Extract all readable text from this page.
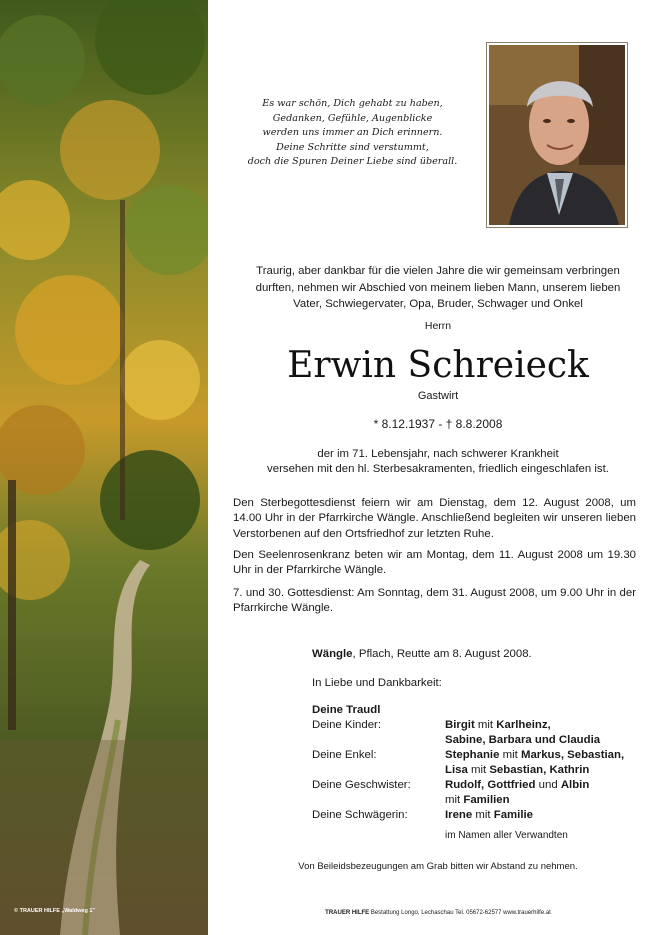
© TRAUER HILFE „Waldweg 1"
Es war schön, Dich gehabt zu haben,
Gedanken, Gefühle, Augenblicke
werden uns immer an Dich erinnern.
Deine Schritte sind verstummt,
doch die Spuren Deiner Liebe sind überall.
Traurig, aber dankbar für die vielen Jahre die wir gemeinsam verbringen
durften, nehmen wir Abschied von meinem lieben Mann, unserem lieben
Vater, Schwiegervater, Opa, Bruder, Schwager und Onkel
Herrn
Erwin Schreieck
Gastwirt
* 8.12.1937 - † 8.8.2008
der im 71. Lebensjahr, nach schwerer Krankheit
versehen mit den hl. Sterbesakramenten, friedlich eingeschlafen ist.
Den Sterbegottesdienst feiern wir am Dienstag, dem 12. August 2008, um 14.00 Uhr in der Pfarrkirche Wängle. Anschließend begleiten wir unseren lieben Verstorbenen auf den Ortsfriedhof zur letzten Ruhe.
Den Seelenrosenkranz beten wir am Montag, dem 11. August 2008 um 19.30 Uhr in der Pfarrkirche Wängle.
7. und 30. Gottesdienst: Am Sonntag, dem 31. August 2008, um 9.00 Uhr in der Pfarrkirche Wängle.
Wängle, Pflach, Reutte am 8. August 2008.
In Liebe und Dankbarkeit:
Deine Traudl
Deine Kinder:	Birgit mit Karlheinz,
Sabine, Barbara und Claudia
Deine Enkel:	Stephanie mit Markus, Sebastian,
Lisa mit Sebastian, Kathrin
Deine Geschwister:	Rudolf, Gottfried und Albin
mit Familien
Deine Schwägerin:	Irene mit Familie
im Namen aller Verwandten
Von Beileidsbezeugungen am Grab bitten wir Abstand zu nehmen.
TRAUER HILFE Bestattung Longo, Lechaschau Tel. 05672-62577 www.trauerhilfe.at
